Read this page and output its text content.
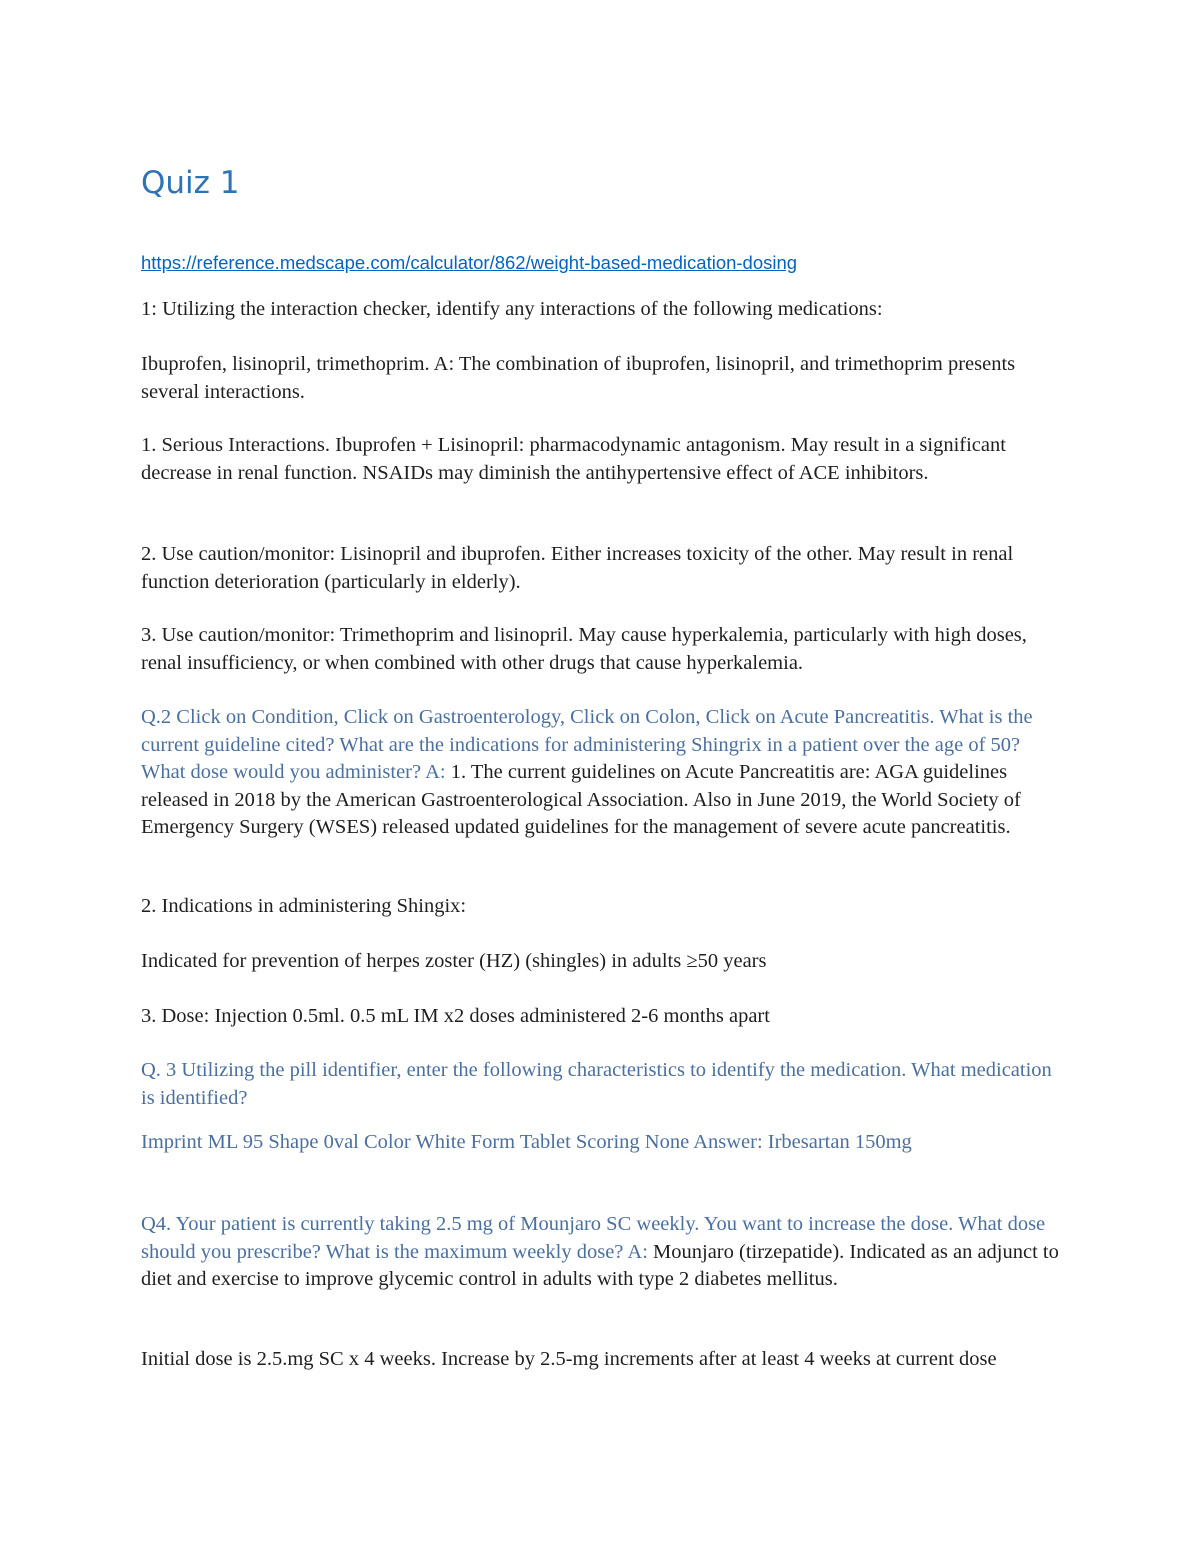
Quiz 1
https://reference.medscape.com/calculator/862/weight-based-medication-dosing

1: Utilizing the interaction checker, identify any interactions of the following medications:

Ibuprofen, lisinopril, trimethoprim. A: The combination of ibuprofen, lisinopril, and trimethoprim presents several interactions.

1. Serious Interactions. Ibuprofen + Lisinopril: pharmacodynamic antagonism. May result in a significant decrease in renal function. NSAIDs may diminish the antihypertensive effect of ACE inhibitors.

2. Use caution/monitor: Lisinopril and ibuprofen. Either increases toxicity of the other. May result in renal function deterioration (particularly in elderly).

3. Use caution/monitor: Trimethoprim and lisinopril. May cause hyperkalemia, particularly with high doses, renal insufficiency, or when combined with other drugs that cause hyperkalemia.

Q.2 Click on Condition, Click on Gastroenterology, Click on Colon, Click on Acute Pancreatitis. What is the current guideline cited? What are the indications for administering Shingrix in a patient over the age of 50? What dose would you administer? A: 1. The current guidelines on Acute Pancreatitis are: AGA guidelines released in 2018 by the American Gastroenterological Association. Also in June 2019, the World Society of Emergency Surgery (WSES) released updated guidelines for the management of severe acute pancreatitis.

2. Indications in administering Shingix:

Indicated for prevention of herpes zoster (HZ) (shingles) in adults ≥50 years

3. Dose: Injection 0.5ml. 0.5 mL IM x2 doses administered 2-6 months apart

Q. 3 Utilizing the pill identifier, enter the following characteristics to identify the medication. What medication is identified?

Imprint ML 95 Shape 0val Color White Form Tablet Scoring None Answer: Irbesartan 150mg

Q4. Your patient is currently taking 2.5 mg of Mounjaro SC weekly. You want to increase the dose. What dose should you prescribe? What is the maximum weekly dose? A: Mounjaro (tirzepatide). Indicated as an adjunct to diet and exercise to improve glycemic control in adults with type 2 diabetes mellitus.

Initial dose is 2.5.mg SC x 4 weeks. Increase by 2.5-mg increments after at least 4 weeks at current dose
